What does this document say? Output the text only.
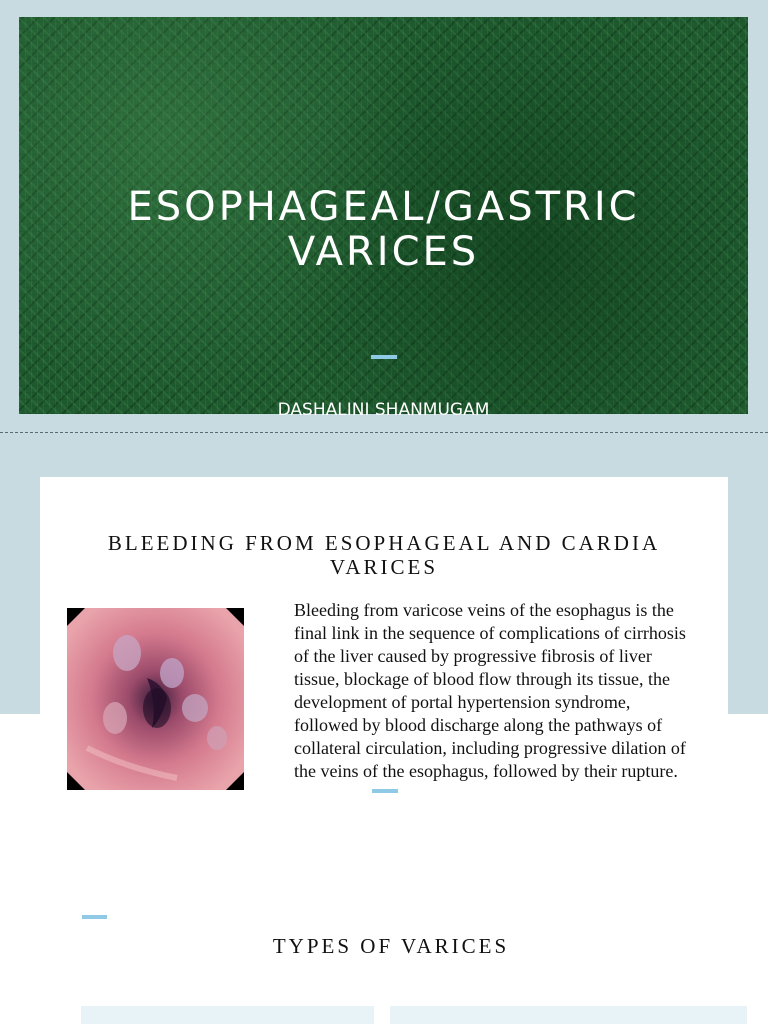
ESOPHAGEAL/GASTRIC
VARICES
DASHALINI SHANMUGAM
BLEEDING FROM ESOPHAGEAL AND CARDIA
VARICES
Bleeding from varicose veins of the esophagus is the final link in the sequence of complications of cirrhosis of the liver caused by progressive fibrosis of liver tissue, blockage of blood flow through its tissue, the development of portal hypertension syndrome, followed by blood discharge along the pathways of collateral circulation, including progressive dilation of the veins of the esophagus, followed by their rupture.
TYPES OF VARICES
